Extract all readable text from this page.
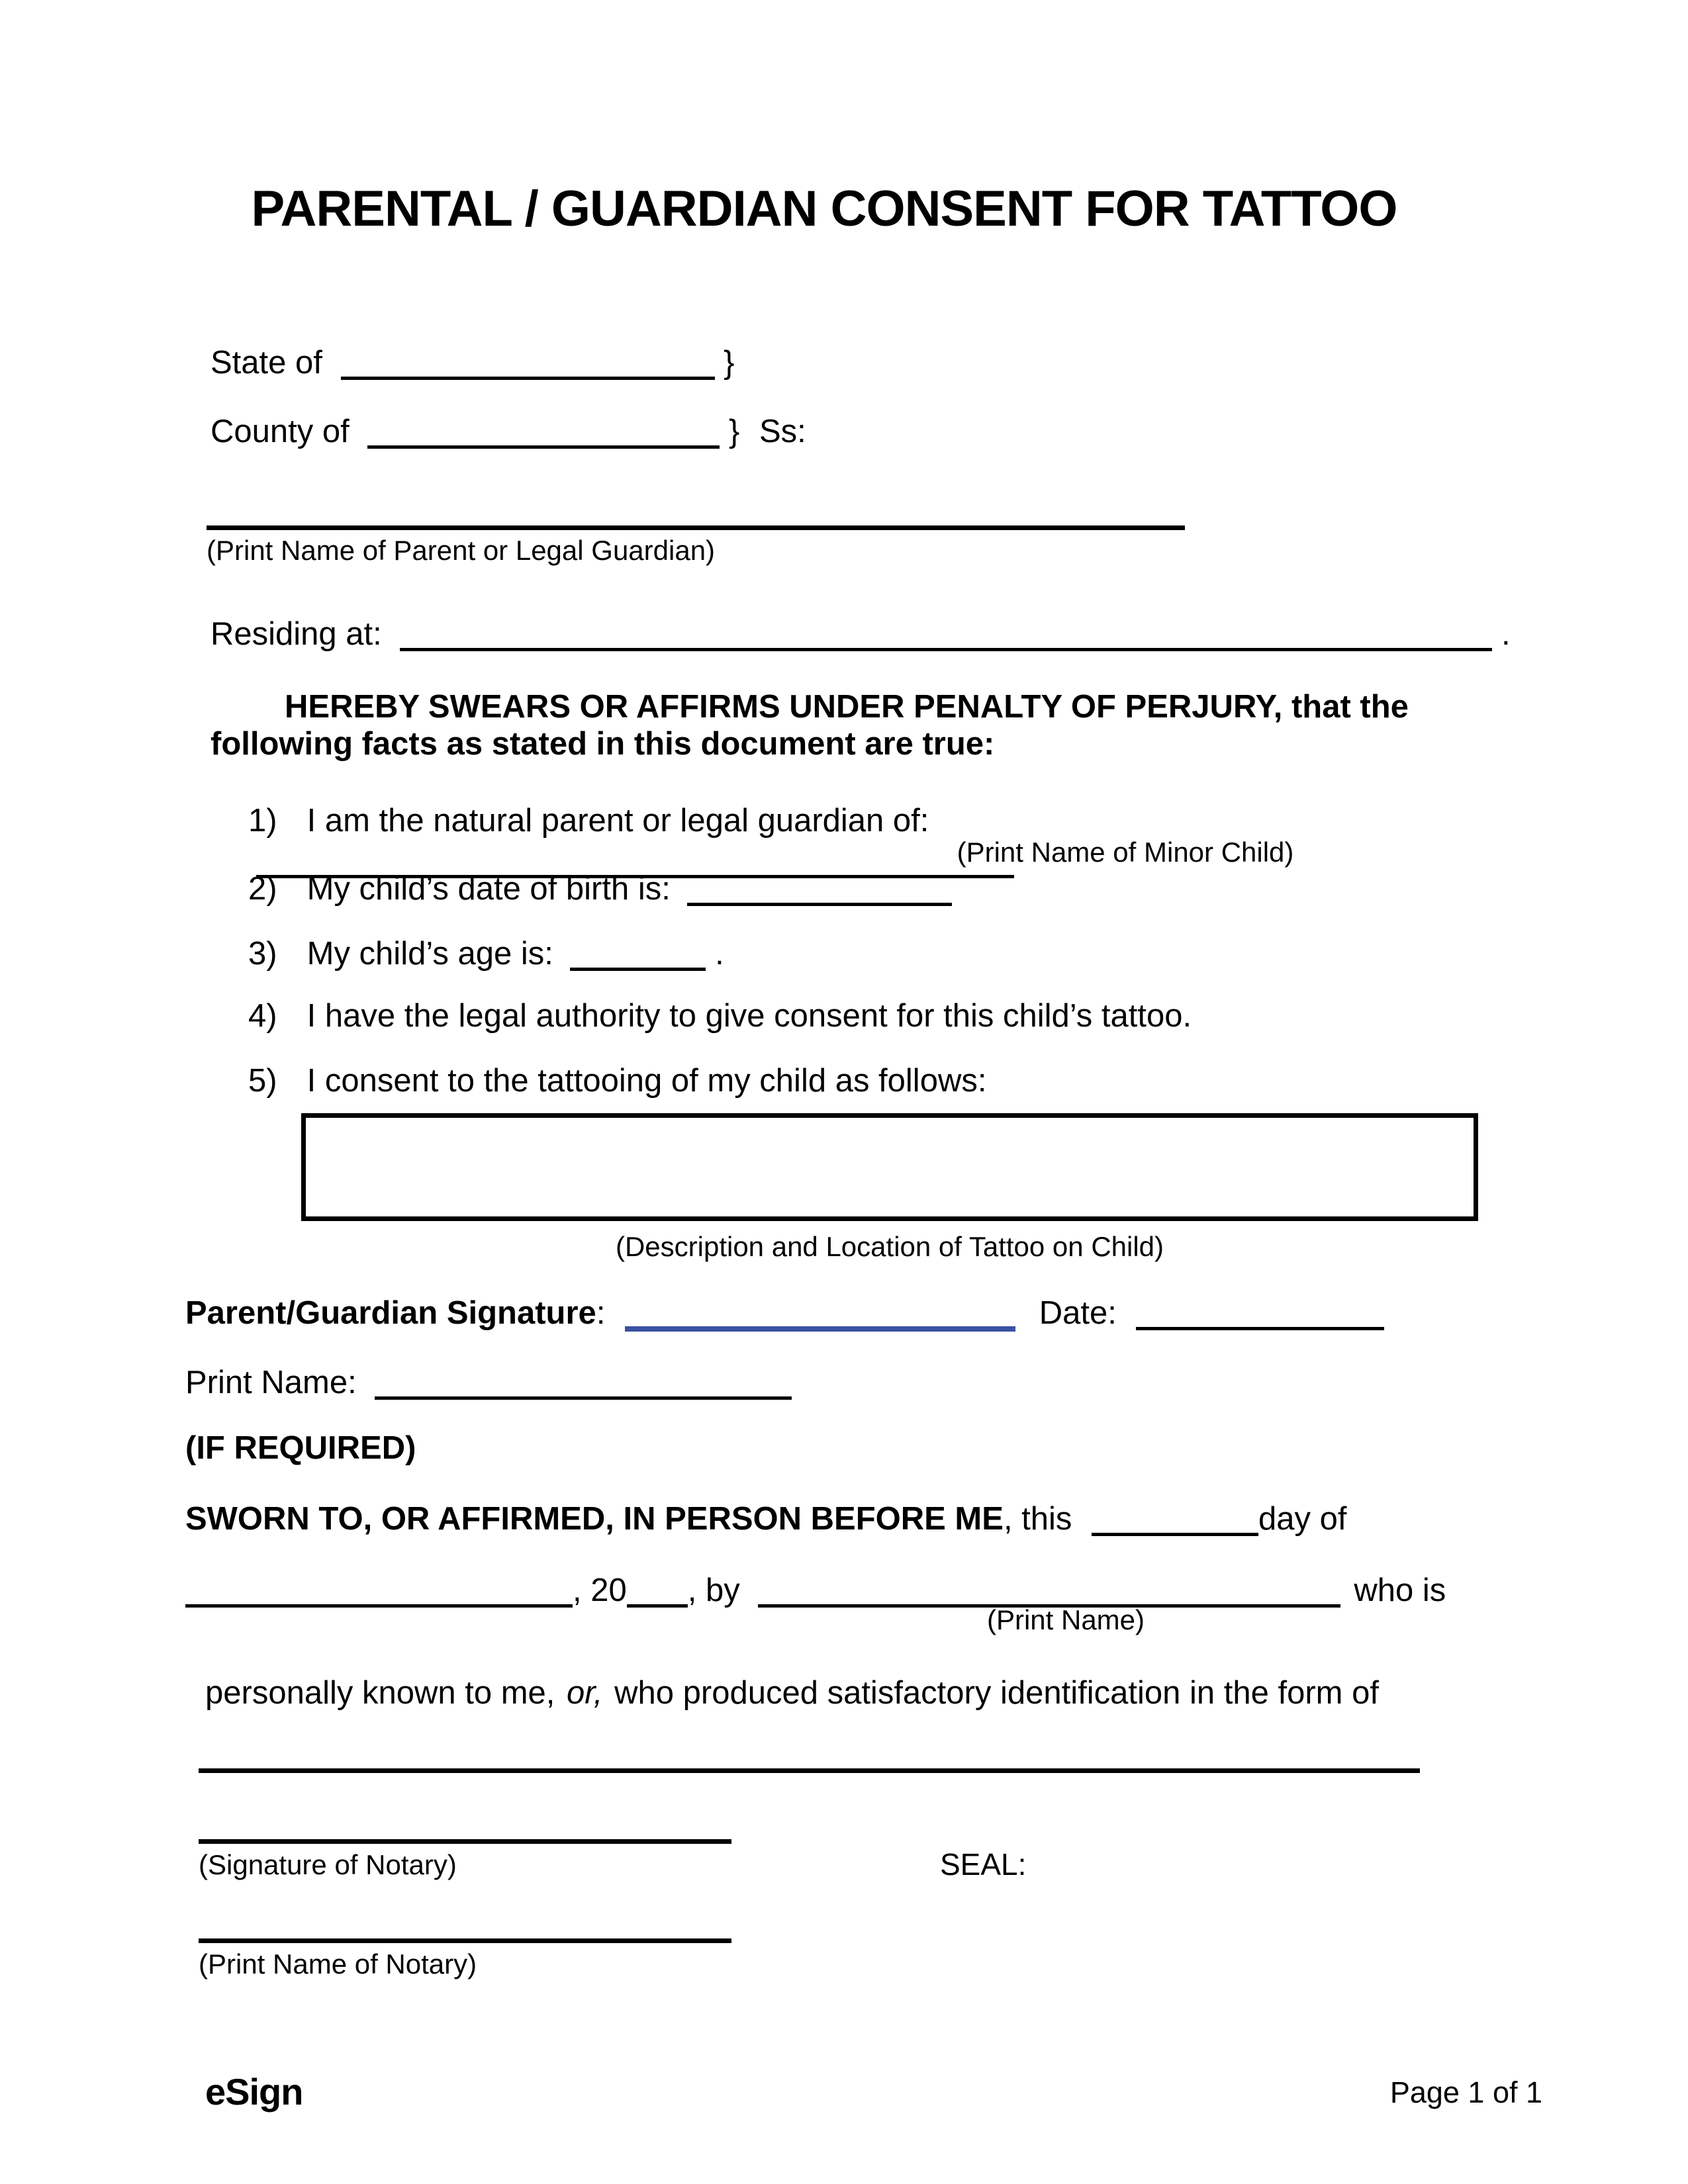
PARENTAL / GUARDIAN CONSENT FOR TATTOO
State of	}
County of	} Ss:
(Print Name of Parent or Legal Guardian)
Residing at:	.
HEREBY SWEARS OR AFFIRMS UNDER PENALTY OF PERJURY, that the
following facts as stated in this document are true:
1) I am the natural parent or legal guardian of:
(Print Name of Minor Child)
2) My child’s date of birth is:
3) My child’s age is:	.
4) I have the legal authority to give consent for this child’s tattoo.
5) I consent to the tattooing of my child as follows:
(Description and Location of Tattoo on Child)
Parent/Guardian Signature:	Date:
Print Name:
(IF REQUIRED)
SWORN TO, OR AFFIRMED, IN PERSON BEFORE ME, this	day of
, 20 , by	who is
(Print Name)
personally known to me, or, who produced satisfactory identification in the form of
(Signature of Notary)	SEAL:
(Print Name of Notary)
eSign	Page 1 of 1
